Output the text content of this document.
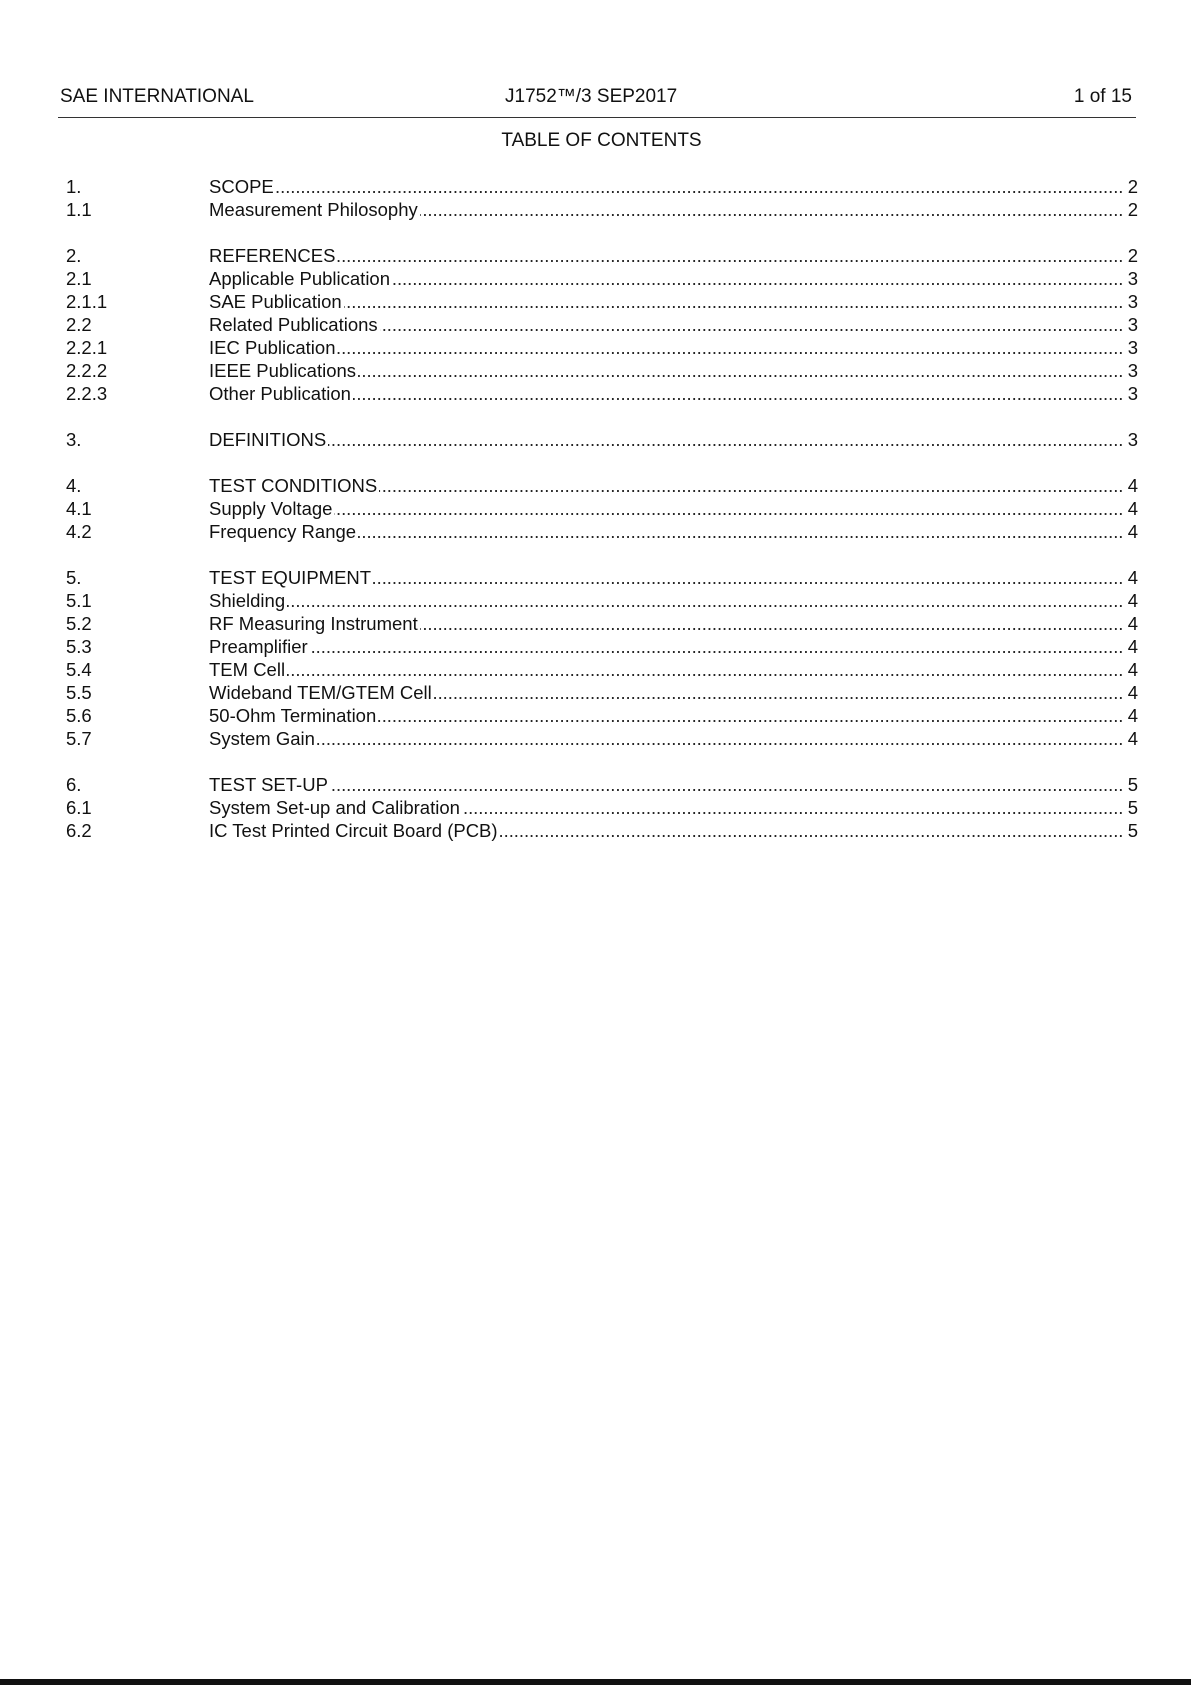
SAE INTERNATIONAL	J1752™/3 SEP2017	1 of 15
TABLE OF CONTENTS
1. . . .	SCOPE	2
1.1 . . .	Measurement Philosophy	2
2. . . .	REFERENCES	2
2.1 . . .	Applicable Publication	3
2.1.1 . . .	SAE Publication	3
2.2 . . .	Related Publications	3
2.2.1 . . .	IEC Publication	3
2.2.2 . . .	IEEE Publications	3
2.2.3 . . .	Other Publication	3
3. . . .	DEFINITIONS	3
4. . . .	TEST CONDITIONS	4
4.1 . . .	Supply Voltage	4
4.2 . . .	Frequency Range	4
5. . . .	TEST EQUIPMENT	4
5.1 . . .	Shielding	4
5.2 . . .	RF Measuring Instrument	4
5.3 . . .	Preamplifier	4
5.4 . . .	TEM Cell	4
5.5 . . .	Wideband TEM/GTEM Cell	4
5.6 . . .	50-Ohm Termination	4
5.7 . . .	System Gain	4
6. . . .	TEST SET-UP	5
6.1 . . .	System Set-up and Calibration	5
6.2 . . .	IC Test Printed Circuit Board (PCB)	5
